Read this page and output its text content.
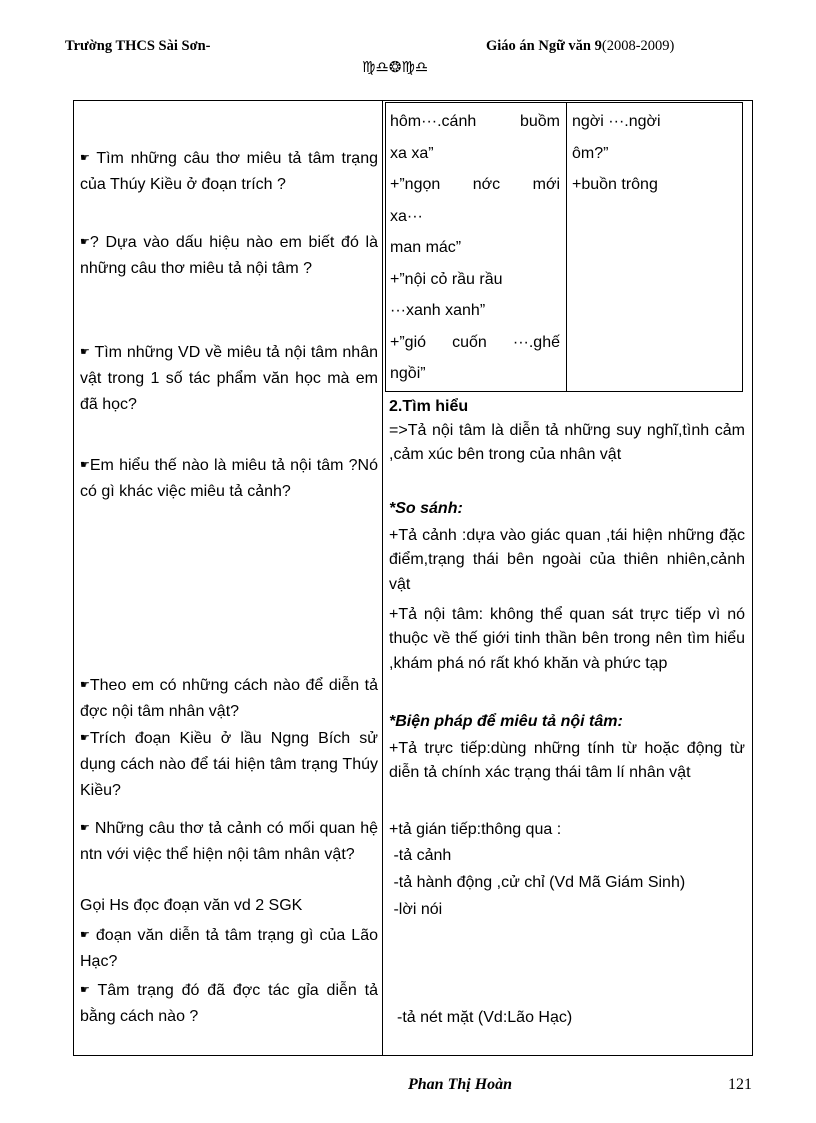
Trường THCS Sài Sơn-	Giáo án Ngữ văn 9(2008-2009)
♍♎❂♍♎
☛ Tìm những câu thơ miêu tả tâm trạng của Thúy Kiều ở đoạn trích ?
☛? Dựa vào dấu hiệu nào em biết đó là những câu thơ miêu tả nội tâm ?
☛ Tìm những VD về miêu tả nội tâm nhân vật trong 1 số tác phẩm văn học mà em đã học?
☛Em hiểu thế nào là miêu tả nội tâm ?Nó có gì khác việc miêu tả cảnh?
☛Theo em có những cách nào để diễn tả đợc nội tâm nhân vật?
☛Trích đoạn Kiều ở lầu Ngng Bích sử dụng cách nào để tái hiện tâm trạng Thúy Kiều?
☛ Những câu thơ tả cảnh có mối quan hệ ntn với việc thể hiện nội tâm nhân vật?
Gọi Hs đọc đoạn văn vd 2 SGK
☛ đoạn văn diễn tả tâm trạng gì của Lão Hạc?
☛ Tâm trạng đó đã đợc tác gỉa diễn tả bằng cách nào ?
hôm···.cánh buồm
xa xa”
+”ngọn nớc mới
xa···
man mác”
+”nội cỏ rầu rầu
···xanh xanh”
+”gió cuốn ···.ghế
ngồi”
ngời ···.ngời
ôm?”
+buồn trông
2.Tìm hiểu
=>Tả nội tâm là diễn tả những suy nghĩ,tình cảm ,cảm xúc bên trong của nhân vật
*So sánh:
+Tả cảnh :dựa vào giác quan ,tái hiện những đặc điểm,trạng thái bên ngoài của thiên nhiên,cảnh vật
+Tả nội tâm: không thể quan sát trực tiếp vì nó thuộc về thế giới tinh thần bên trong nên tìm hiểu ,khám phá nó rất khó khăn và phức tạp
*Biện pháp để miêu tả nội tâm:
+Tả trực tiếp:dùng những tính từ hoặc động từ diễn tả chính xác trạng thái tâm lí nhân vật
+tả gián tiếp:thông qua :
-tả cảnh
-tả hành động ,cử chỉ (Vd Mã Giám Sinh)
-lời nói
-tả nét mặt (Vd:Lão Hạc)
Phan Thị Hoàn	121
